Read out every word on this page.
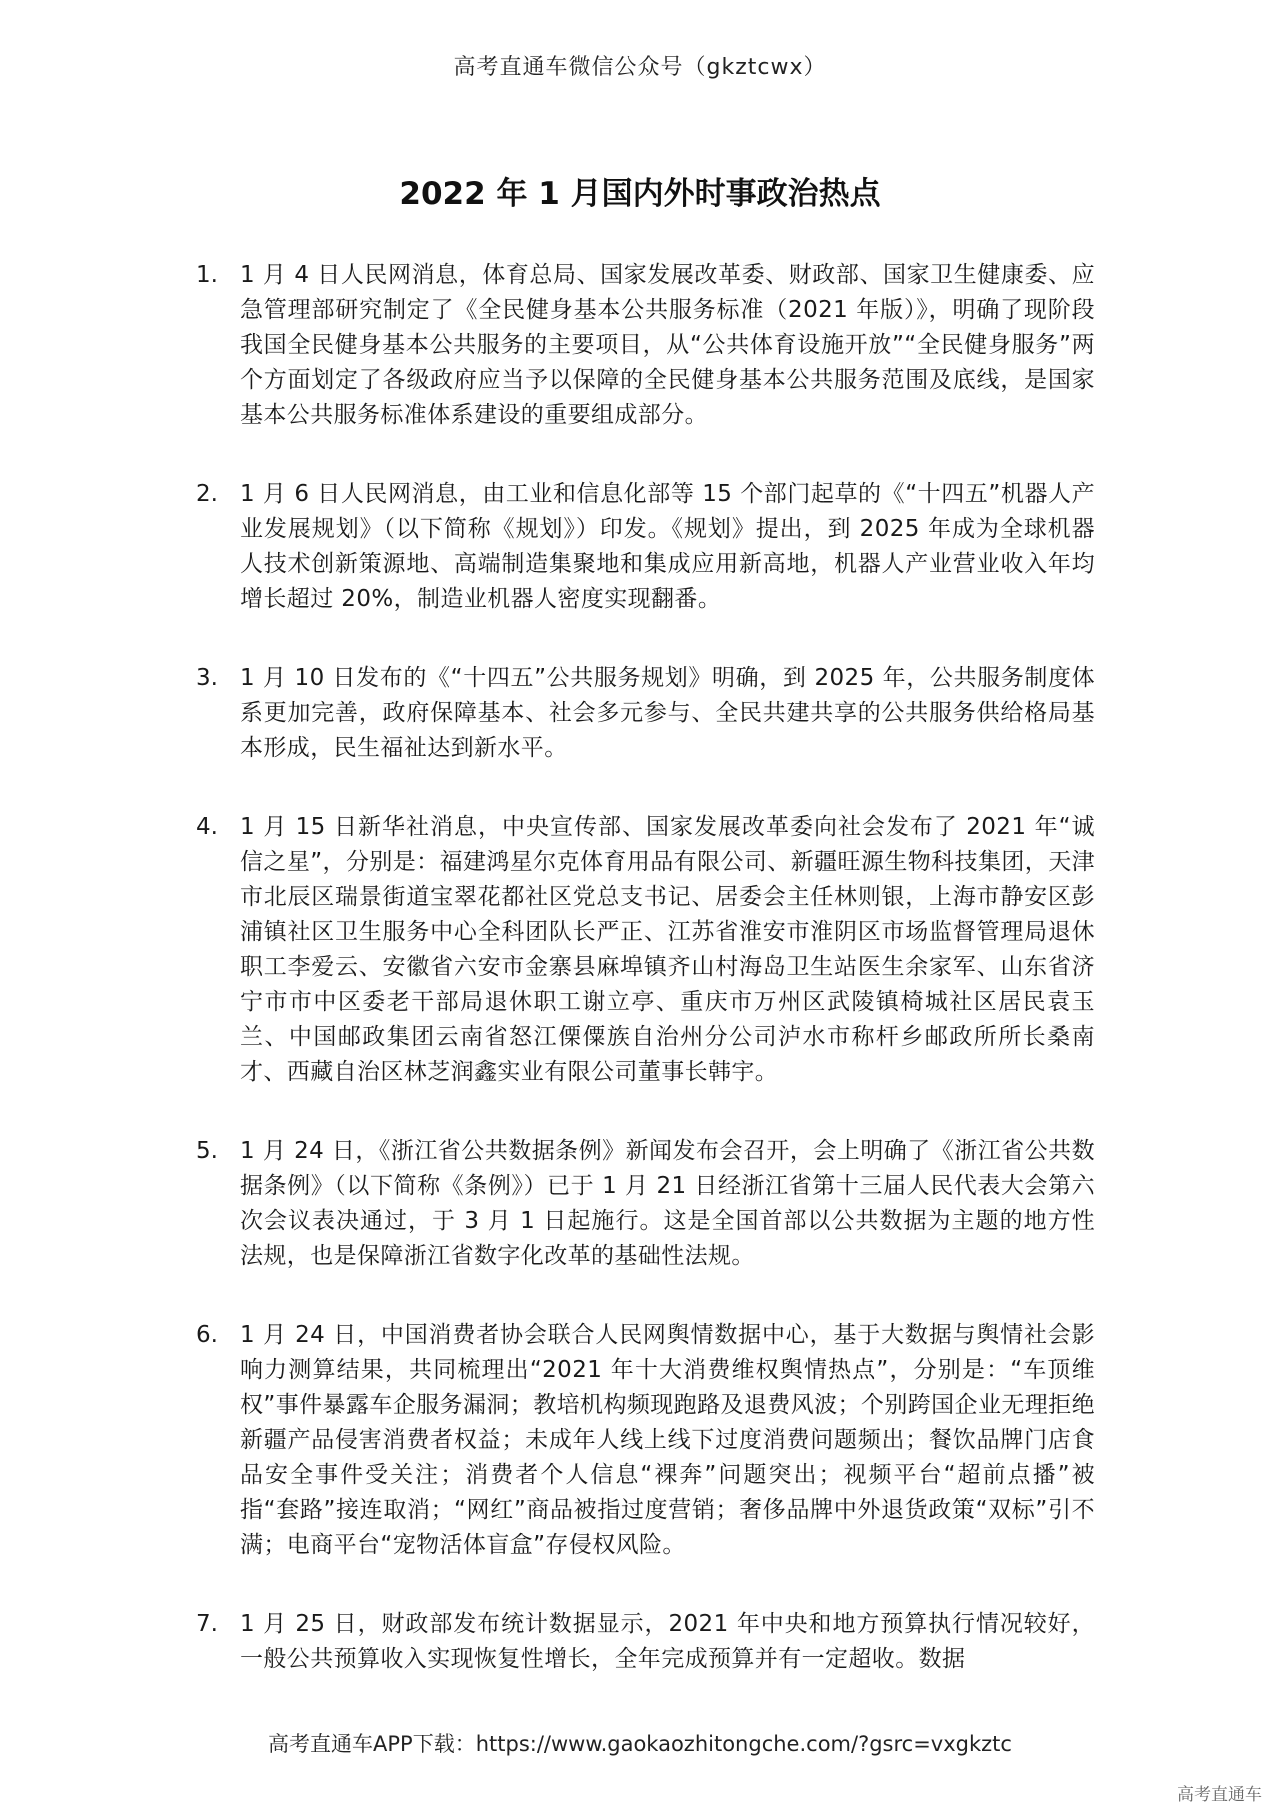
高考直通车微信公众号（gkztcwx）
2022 年 1 月国内外时事政治热点
1. 1 月 4 日人民网消息，体育总局、国家发展改革委、财政部、国家卫生健康委、应急管理部研究制定了《全民健身基本公共服务标准（2021 年版）》，明确了现阶段我国全民健身基本公共服务的主要项目，从“公共体育设施开放”“全民健身服务”两个方面划定了各级政府应当予以保障的全民健身基本公共服务范围及底线，是国家基本公共服务标准体系建设的重要组成部分。
2. 1 月 6 日人民网消息，由工业和信息化部等 15 个部门起草的《“十四五”机器人产业发展规划》（以下简称《规划》）印发。《规划》提出，到 2025 年成为全球机器人技术创新策源地、高端制造集聚地和集成应用新高地，机器人产业营业收入年均增长超过 20%，制造业机器人密度实现翻番。
3. 1 月 10 日发布的《“十四五”公共服务规划》明确，到 2025 年，公共服务制度体系更加完善，政府保障基本、社会多元参与、全民共建共享的公共服务供给格局基本形成，民生福祉达到新水平。
4. 1 月 15 日新华社消息，中央宣传部、国家发展改革委向社会发布了 2021 年“诚信之星”，分别是：福建鸿星尔克体育用品有限公司、新疆旺源生物科技集团，天津市北辰区瑞景街道宝翠花都社区党总支书记、居委会主任林则银，上海市静安区彭浦镇社区卫生服务中心全科团队长严正、江苏省淮安市淮阴区市场监督管理局退休职工李爱云、安徽省六安市金寨县麻埠镇齐山村海岛卫生站医生余家军、山东省济宁市市中区委老干部局退休职工谢立亭、重庆市万州区武陵镇椅城社区居民袁玉兰、中国邮政集团云南省怒江傈僳族自治州分公司泸水市称杆乡邮政所所长桑南才、西藏自治区林芝润鑫实业有限公司董事长韩宇。
5. 1 月 24 日，《浙江省公共数据条例》新闻发布会召开，会上明确了《浙江省公共数据条例》（以下简称《条例》）已于 1 月 21 日经浙江省第十三届人民代表大会第六次会议表决通过，于 3 月 1 日起施行。这是全国首部以公共数据为主题的地方性法规，也是保障浙江省数字化改革的基础性法规。
6. 1 月 24 日，中国消费者协会联合人民网舆情数据中心，基于大数据与舆情社会影响力测算结果，共同梳理出“2021 年十大消费维权舆情热点”，分别是：“车顶维权”事件暴露车企服务漏洞；教培机构频现跑路及退费风波；个别跨国企业无理拒绝新疆产品侵害消费者权益；未成年人线上线下过度消费问题频出；餐饮品牌门店食品安全事件受关注；消费者个人信息“裸奔”问题突出；视频平台“超前点播”被指“套路”接连取消；“网红”商品被指过度营销；奢侈品牌中外退货政策“双标”引不满；电商平台“宠物活体盲盒”存侵权风险。
7. 1 月 25 日，财政部发布统计数据显示，2021 年中央和地方预算执行情况较好，一般公共预算收入实现恢复性增长，全年完成预算并有一定超收。数据
高考直通车APP下载：https://www.gaokaozhitongche.com/?gsrc=vxgkztc
高考直通车
